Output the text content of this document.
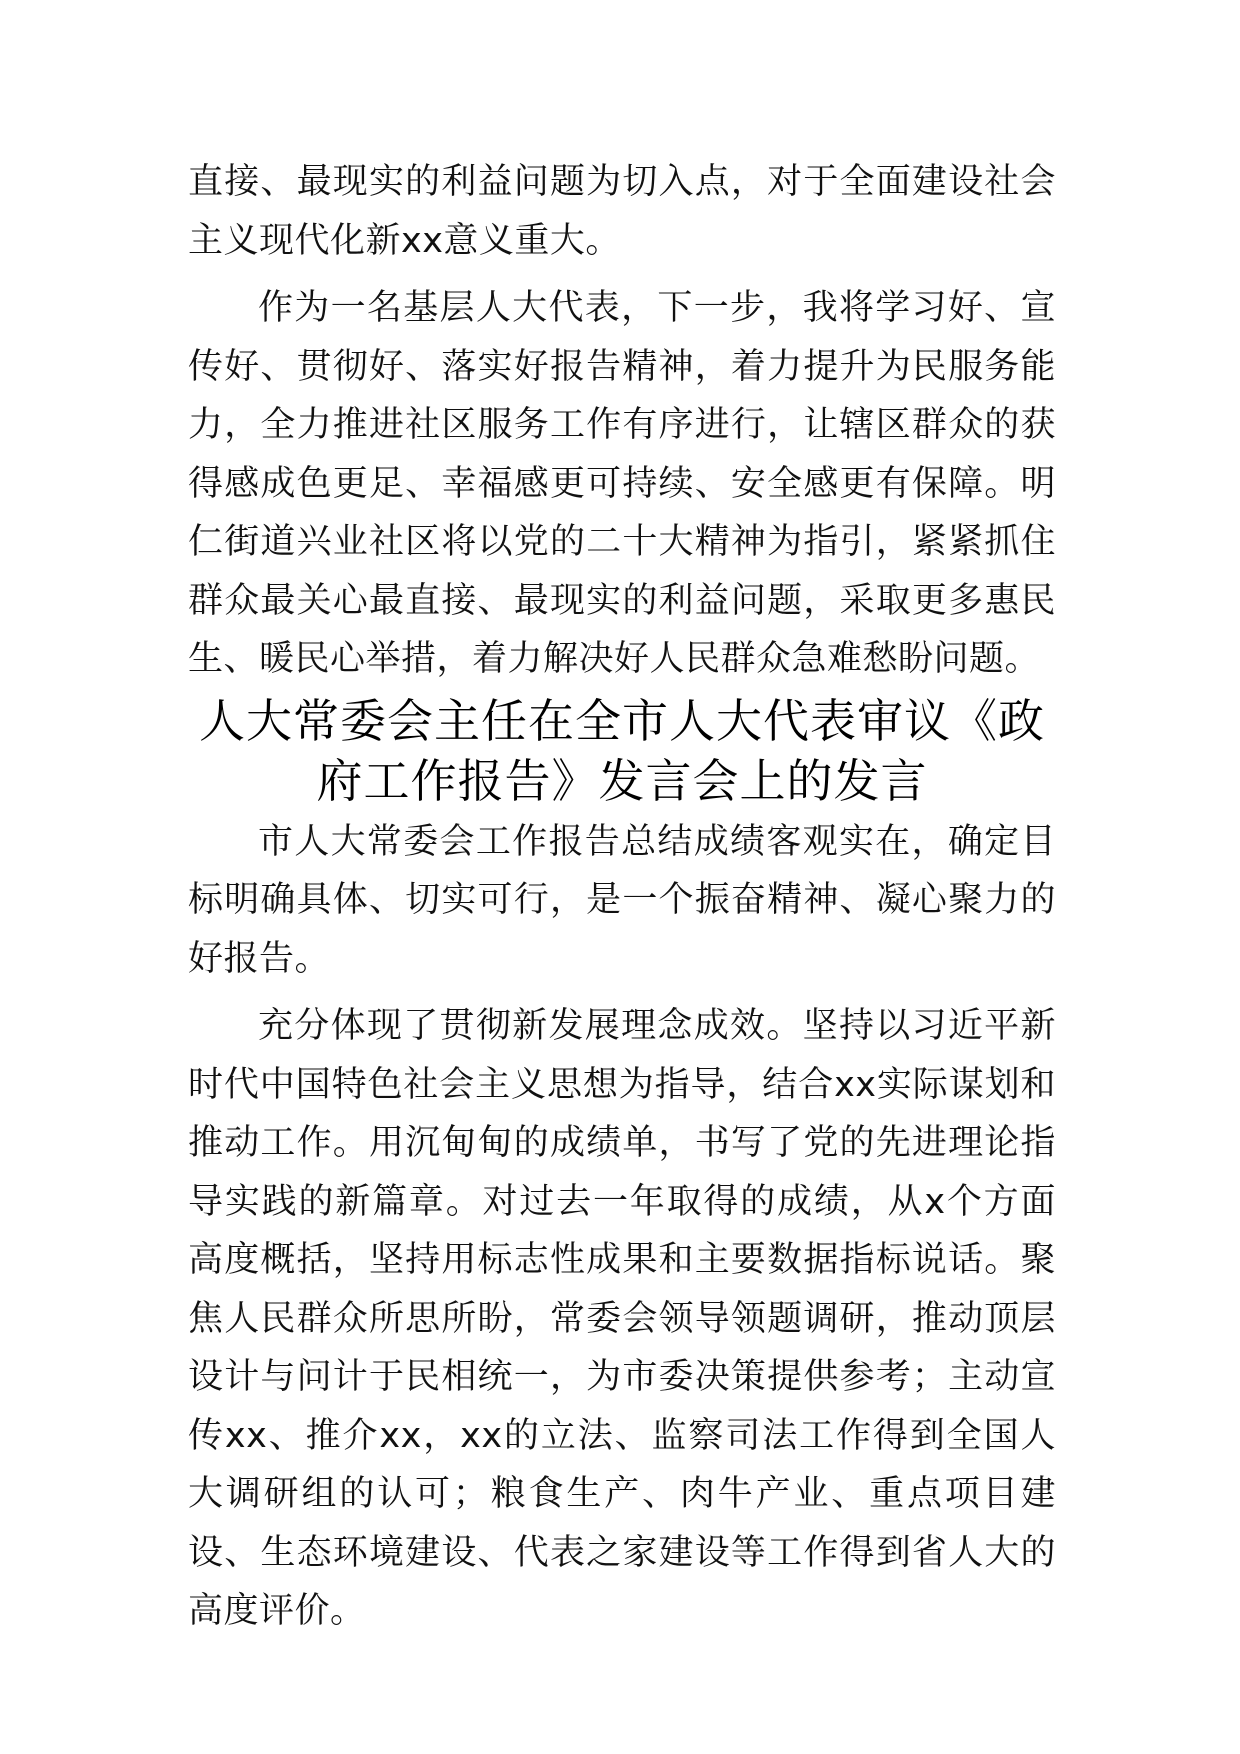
直接、最现实的利益问题为切入点，对于全面建设社会主义现代化新xx意义重大。

作为一名基层人大代表，下一步，我将学习好、宣传好、贯彻好、落实好报告精神，着力提升为民服务能力，全力推进社区服务工作有序进行，让辖区群众的获得感成色更足、幸福感更可持续、安全感更有保障。明仁街道兴业社区将以党的二十大精神为指引，紧紧抓住群众最关心最直接、最现实的利益问题，采取更多惠民生、暖民心举措，着力解决好人民群众急难愁盼问题。

人大常委会主任在全市人大代表审议《政
府工作报告》发言会上的发言

市人大常委会工作报告总结成绩客观实在，确定目标明确具体、切实可行，是一个振奋精神、凝心聚力的好报告。

充分体现了贯彻新发展理念成效。坚持以习近平新时代中国特色社会主义思想为指导，结合xx实际谋划和推动工作。用沉甸甸的成绩单，书写了党的先进理论指导实践的新篇章。对过去一年取得的成绩，从x个方面高度概括，坚持用标志性成果和主要数据指标说话。聚焦人民群众所思所盼，常委会领导领题调研，推动顶层设计与问计于民相统一，为市委决策提供参考；主动宣传xx、推介xx，xx的立法、监察司法工作得到全国人大调研组的认可；粮食生产、肉牛产业、重点项目建设、生态环境建设、代表之家建设等工作得到省人大的高度评价。
